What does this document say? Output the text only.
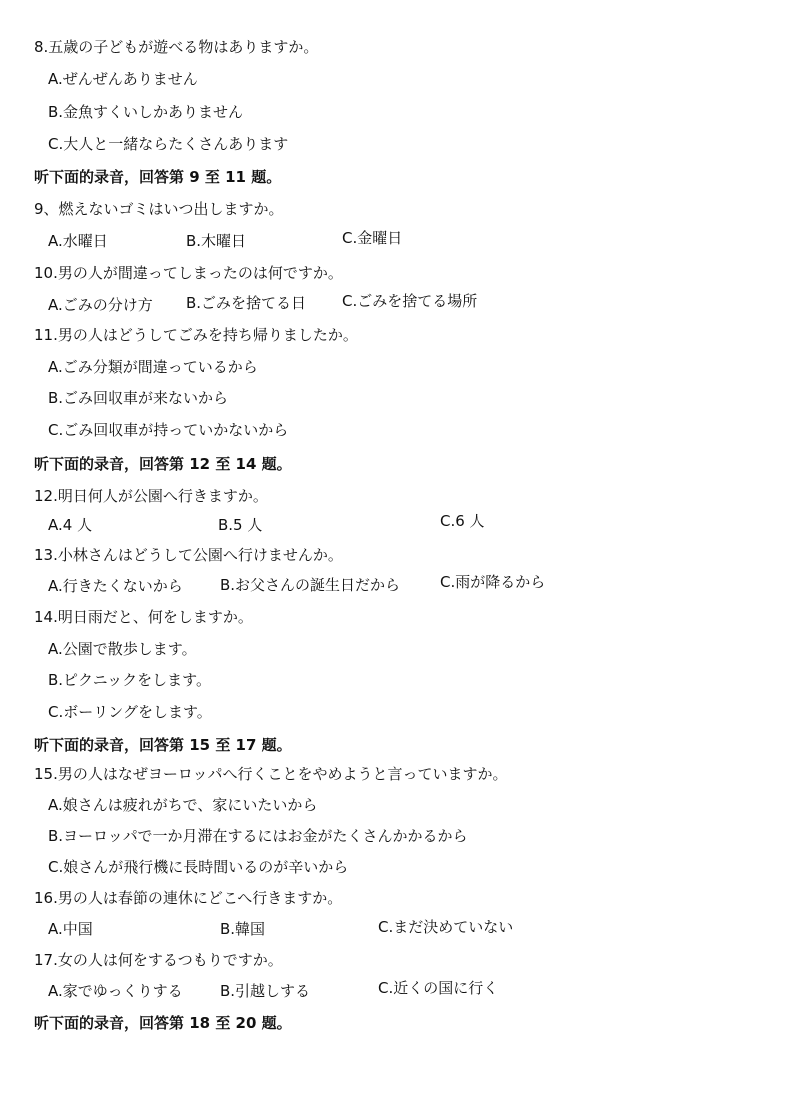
8.五歳の子どもが遊べる物はありますか。
A.ぜんぜんありません
B.金魚すくいしかありません
C.大人と一緒ならたくさんあります
听下面的录音，回答第 9 至 11 题。
9、燃えないゴミはいつ出しますか。
A.水曜日	B.木曜日	C.金曜日
10.男の人が間違ってしまったのは何ですか。
A.ごみの分け方 B.ごみを捨てる日 C.ごみを捨てる場所
11.男の人はどうしてごみを持ち帰りましたか。
A.ごみ分類が間違っているから
B.ごみ回収車が来ないから
C.ごみ回収車が持っていかないから
听下面的录音，回答第 12 至 14 题。
12.明日何人が公園へ行きますか。
A.4 人	B.5 人	C.6 人
13.小林さんはどうして公園へ行けませんか。
A.行きたくないから B.お父さんの誕生日だから	C.雨が降るから
14.明日雨だと、何をしますか。
A.公園で散歩します。
B.ピクニックをします。
C.ボーリングをします。
听下面的录音，回答第 15 至 17 题。
15.男の人はなぜヨーロッパへ行くことをやめようと言っていますか。
A.娘さんは疲れがちで、家にいたいから
B.ヨーロッパで一か月滞在するにはお金がたくさんかかるから
C.娘さんが飛行機に長時間いるのが辛いから
16.男の人は春節の連休にどこへ行きますか。
A.中国	B.韓国	C.まだ決めていない
17.女の人は何をするつもりですか。
A.家でゆっくりする B.引越しする	C.近くの国に行く
听下面的录音，回答第 18 至 20 题。
